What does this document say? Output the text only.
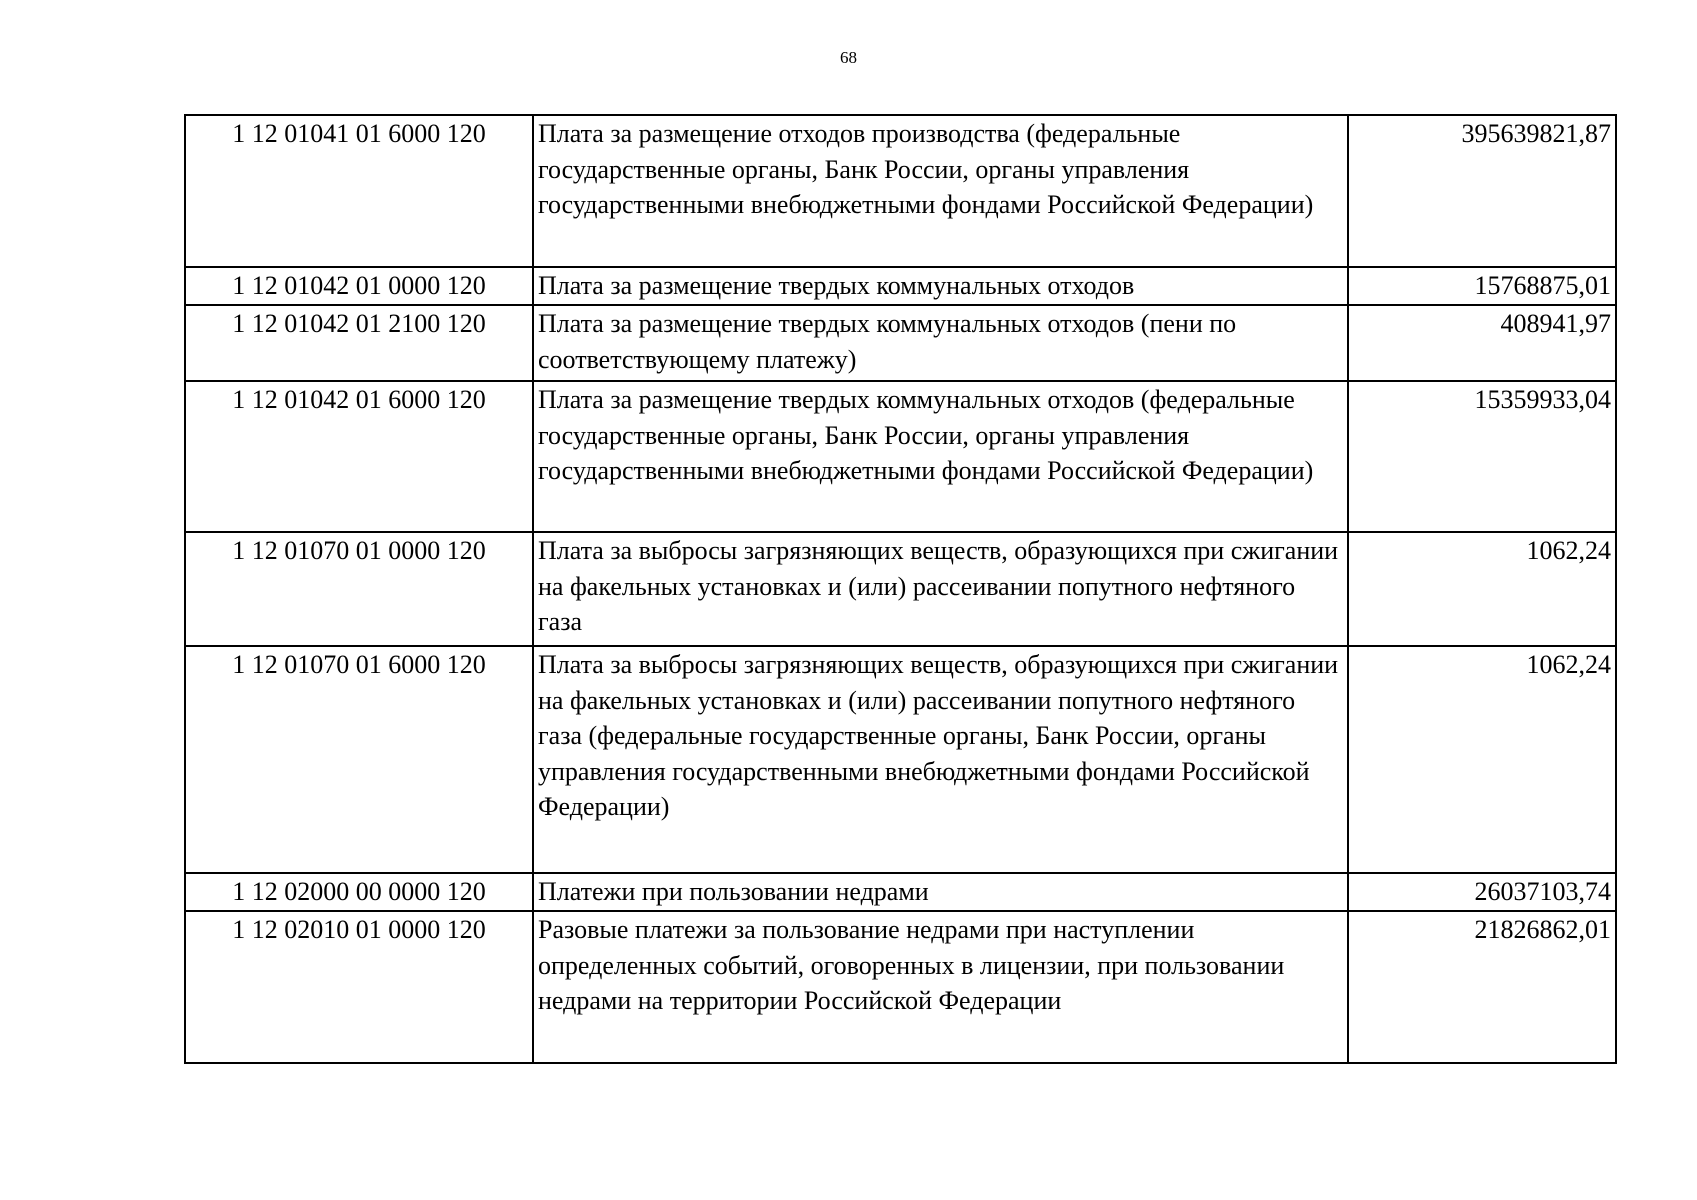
68
1 12 01041 01 6000 120	Плата за размещение отходов производства (федеральные государственные органы, Банк России, органы управления государственными внебюджетными фондами Российской Федерации)	395639821,87
1 12 01042 01 0000 120	Плата за размещение твердых коммунальных отходов	15768875,01
1 12 01042 01 2100 120	Плата за размещение твердых коммунальных отходов (пени по соответствующему платежу)	408941,97
1 12 01042 01 6000 120	Плата за размещение твердых коммунальных отходов (федеральные государственные органы, Банк России, органы управления государственными внебюджетными фондами Российской Федерации)	15359933,04
1 12 01070 01 0000 120	Плата за выбросы загрязняющих веществ, образующихся при сжигании на факельных установках и (или) рассеивании попутного нефтяного газа	1062,24
1 12 01070 01 6000 120	Плата за выбросы загрязняющих веществ, образующихся при сжигании на факельных установках и (или) рассеивании попутного нефтяного газа (федеральные государственные органы, Банк России, органы управления государственными внебюджетными фондами Российской Федерации)	1062,24
1 12 02000 00 0000 120	Платежи при пользовании недрами	26037103,74
1 12 02010 01 0000 120	Разовые платежи за пользование недрами при наступлении определенных событий, оговоренных в лицензии, при пользовании недрами на территории Российской Федерации	21826862,01
